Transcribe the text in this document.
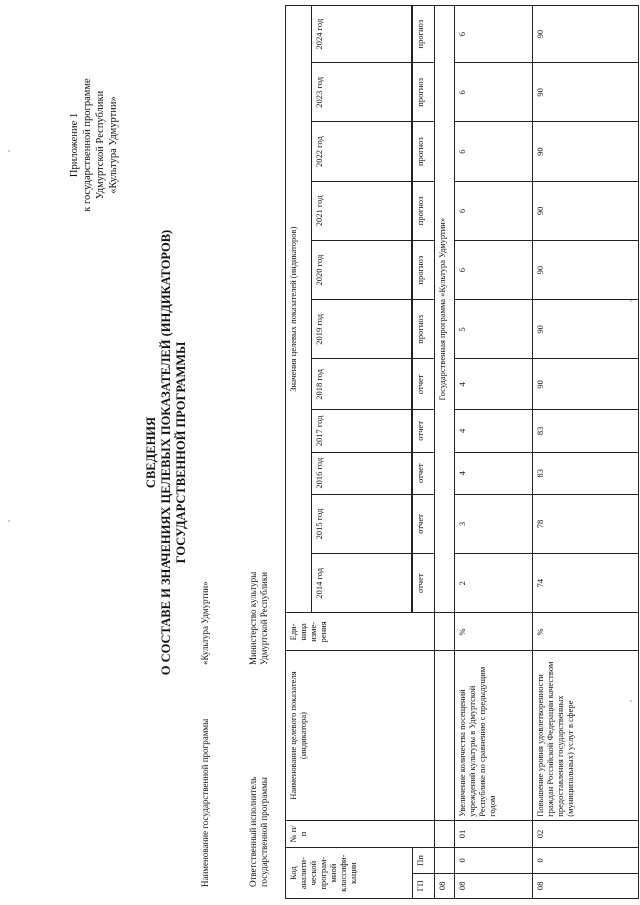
Приложение 1 к государственной программе Удмуртской Республики «Культура Удмуртии»
СВЕДЕНИЯ О СОСТАВЕ И ЗНАЧЕНИЯХ ЦЕЛЕВЫХ ПОКАЗАТЕЛЕЙ (ИНДИКАТОРОВ) ГОСУДАРСТВЕННОЙ ПРОГРАММЫ
Наименование государственной программы
«Культура Удмуртии»
Ответственный исполнитель государственной программы
Министерство культуры Удмуртской Республики
Код аналити- ческой програм- мной классифи- кации		№ п/п	Наименование целевого показателя (индикатора)	Еди- ница изме- рения	Значения целевых показателей (индикаторов)										
					2014 год	2015 год	2016 год	2017 год	2018 год	2019 год	2020 год	2021 год	2022 год	2023 год	2024 год

ГП	Пп				отчет	отчет	отчет	отчет	отчет	прогноз	прогноз	прогноз	прогноз	прогноз	прогноз
08					Государственная программа «Культура Удмуртии»										
08	0	01	Увеличение количества посещений учреждений культуры в Удмуртской Республике по сравнению с предыдущим годом	%	2	3	4	4	4	5	6	6	6	6	6
08	0	02	Повышение уровня удовлетворенности граждан Российской Федерации качеством предоставления государственных (муниципальных) услуг в сфере	%	74	78	83	83	90	90	90	90	90	90	90
